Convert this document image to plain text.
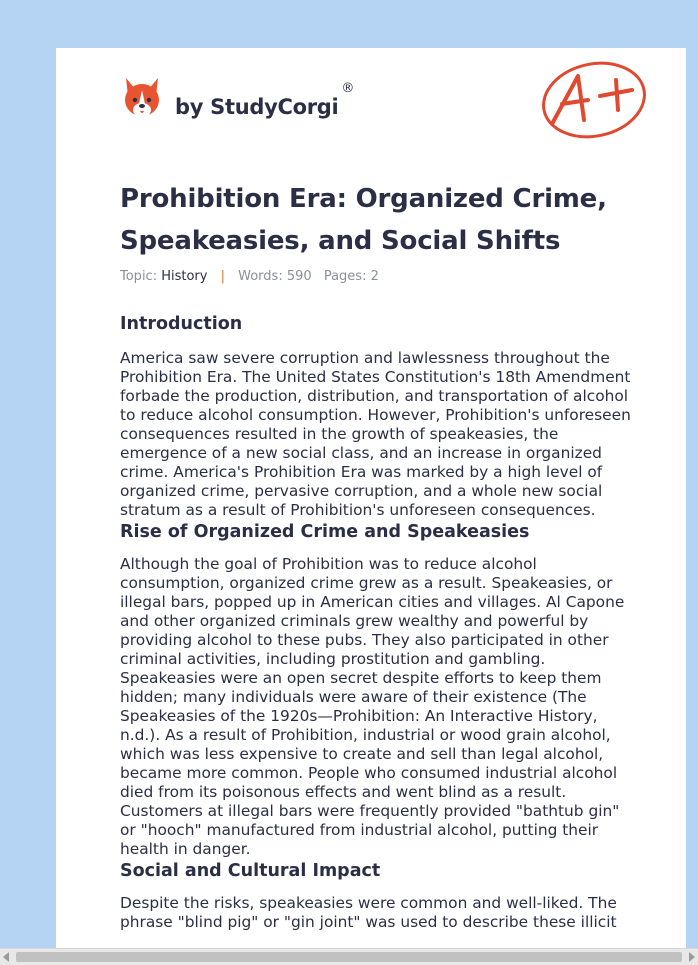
by StudyCorgi
®
Prohibition Era: Organized Crime, Speakeasies, and Social Shifts
Topic: History | Words: 590 Pages: 2
Introduction

America saw severe corruption and lawlessness throughout the Prohibition Era. The United States Constitution's 18th Amendment forbade the production, distribution, and transportation of alcohol to reduce alcohol consumption. However, Prohibition's unforeseen consequences resulted in the growth of speakeasies, the emergence of a new social class, and an increase in organized crime. America's Prohibition Era was marked by a high level of organized crime, pervasive corruption, and a whole new social stratum as a result of Prohibition's unforeseen consequences.

Rise of Organized Crime and Speakeasies

Although the goal of Prohibition was to reduce alcohol consumption, organized crime grew as a result. Speakeasies, or illegal bars, popped up in American cities and villages. Al Capone and other organized criminals grew wealthy and powerful by providing alcohol to these pubs. They also participated in other criminal activities, including prostitution and gambling. Speakeasies were an open secret despite efforts to keep them hidden; many individuals were aware of their existence (The Speakeasies of the 1920s—Prohibition: An Interactive History, n.d.). As a result of Prohibition, industrial or wood grain alcohol, which was less expensive to create and sell than legal alcohol, became more common. People who consumed industrial alcohol died from its poisonous effects and went blind as a result. Customers at illegal bars were frequently provided "bathtub gin" or "hooch" manufactured from industrial alcohol, putting their health in danger.

Social and Cultural Impact

Despite the risks, speakeasies were common and well-liked. The phrase "blind pig" or "gin joint" was used to describe these illicit
